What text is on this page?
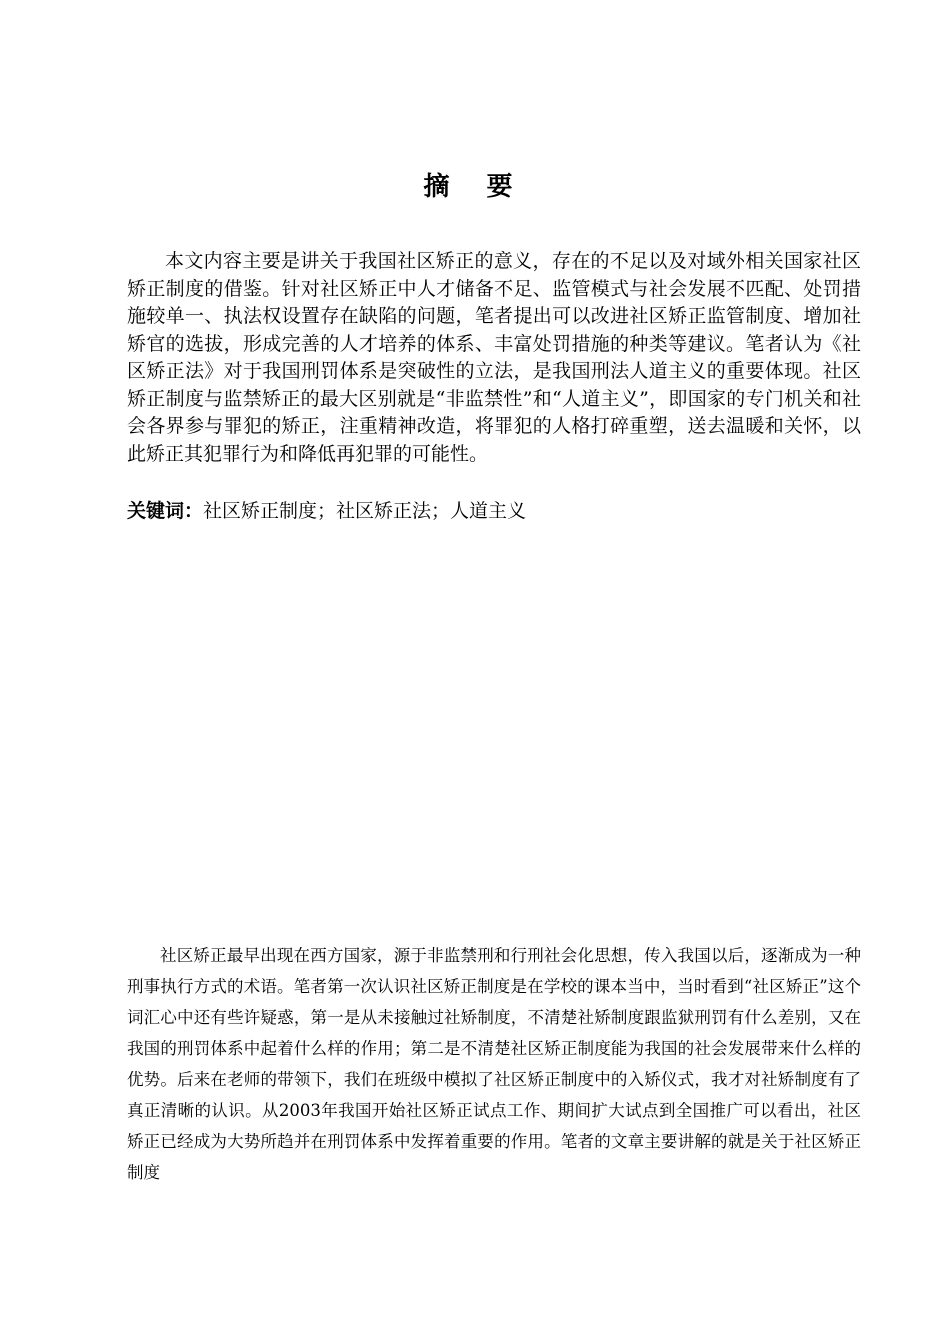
摘 要

本文内容主要是讲关于我国社区矫正的意义，存在的不足以及对域外相关国家社区矫正制度的借鉴。针对社区矫正中人才储备不足、监管模式与社会发展不匹配、处罚措施较单一、执法权设置存在缺陷的问题，笔者提出可以改进社区矫正监管制度、增加社矫官的选拔，形成完善的人才培养的体系、丰富处罚措施的种类等建议。笔者认为《社区矫正法》对于我国刑罚体系是突破性的立法，是我国刑法人道主义的重要体现。社区矫正制度与监禁矫正的最大区别就是“非监禁性”和“人道主义”，即国家的专门机关和社会各界参与罪犯的矫正，注重精神改造，将罪犯的人格打碎重塑，送去温暖和关怀，以此矫正其犯罪行为和降低再犯罪的可能性。

关键词：社区矫正制度；社区矫正法；人道主义

社区矫正最早出现在西方国家，源于非监禁刑和行刑社会化思想，传入我国以后，逐渐成为一种刑事执行方式的术语。笔者第一次认识社区矫正制度是在学校的课本当中，当时看到“社区矫正”这个词汇心中还有些许疑惑，第一是从未接触过社矫制度，不清楚社矫制度跟监狱刑罚有什么差别，又在我国的刑罚体系中起着什么样的作用；第二是不清楚社区矫正制度能为我国的社会发展带来什么样的优势。后来在老师的带领下，我们在班级中模拟了社区矫正制度中的入矫仪式，我才对社矫制度有了真正清晰的认识。从2003年我国开始社区矫正试点工作、期间扩大试点到全国推广可以看出，社区矫正已经成为大势所趋并在刑罚体系中发挥着重要的作用。笔者的文章主要讲解的就是关于社区矫正制度
